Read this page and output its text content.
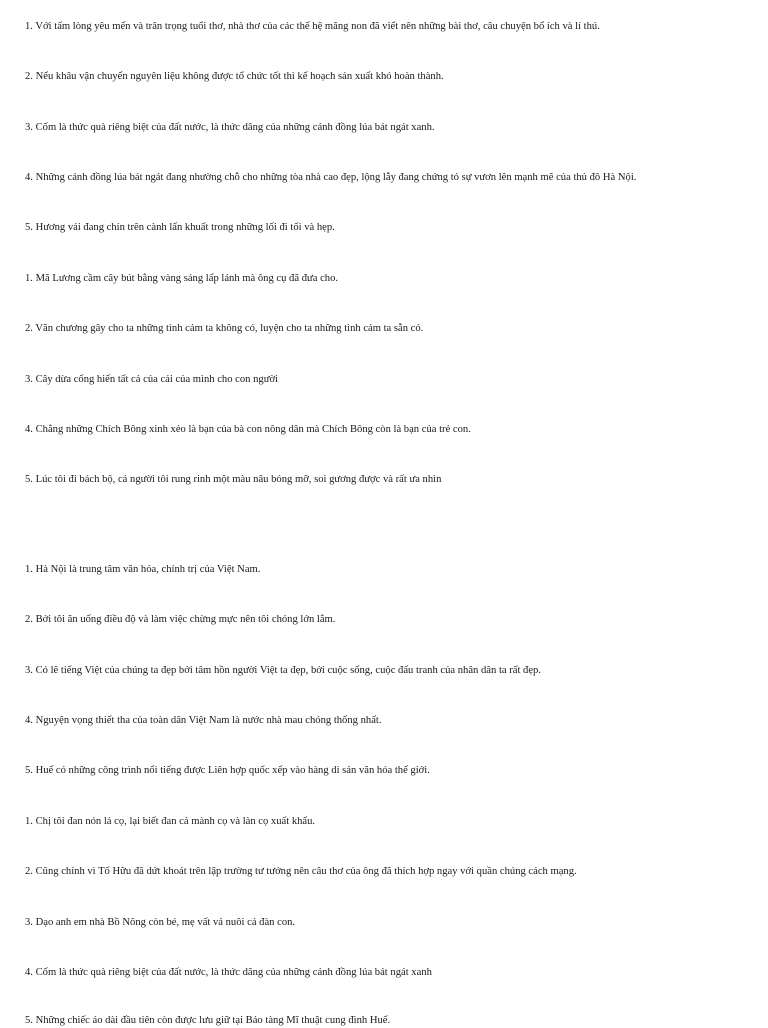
1. Với tấm lòng yêu mến và trân trọng tuổi thơ, nhà thơ của các thế hệ măng non đã viết nên những bài thơ, câu chuyện bổ ích và lí thú.
2. Nếu khâu vận chuyển nguyên liệu không được tổ chức tốt thì kế hoạch sản xuất khó hoàn thành.
3. Cốm là thức quà riêng biệt của đất nước, là thức dâng của những cánh đồng lúa bát ngát xanh.
4. Những cánh đồng lúa bát ngát đang nhường chỗ cho những tòa nhà cao đẹp, lộng lẫy đang chứng tỏ sự vươn lên mạnh mẽ của thủ đô Hà Nội.
5. Hương vải đang chín trên cành lẩn khuất trong những lối đi tối và hẹp.
1. Mã Lương cầm cây bút bằng vàng sáng lấp lánh mà ông cụ đã đưa cho.
2. Văn chương gây cho ta những tình cảm ta không có, luyện cho ta những tình cảm ta sẵn có.
3. Cây dừa cống hiến tất cả của cải của mình cho con người
4. Chẳng những Chích Bông xinh xẻo là bạn của bà con nông dân mà Chích Bông còn là bạn của trẻ con.
5. Lúc tôi đi bách bộ, cả người tôi rung rinh một màu nâu bóng mỡ, soi gương được và rất ưa nhìn
1. Hà Nội là trung tâm văn hóa, chính trị của Việt Nam.
2. Bởi tôi ăn uống điều độ và làm việc chừng mực nên tôi chóng lớn lắm.
3. Có lẽ tiếng Việt của chúng ta đẹp bởi tâm hồn người Việt ta đẹp, bởi cuộc sống, cuộc đấu tranh của nhân dân ta rất đẹp.
4. Nguyện vọng thiết tha của toàn dân Việt Nam là nước nhà mau chóng thống nhất.
5. Huế có những công trình nổi tiếng được Liên hợp quốc xếp vào hàng di sản văn hóa thế giới.
1. Chị tôi đan nón lá cọ, lại biết đan cả mành cọ và làn cọ xuất khẩu.
2. Cũng chính vì Tố Hữu đã dứt khoát trên lập trường tư tưởng nên câu thơ của ông đã thích hợp ngay với quần chúng cách mạng.
3. Dạo anh em nhà Bồ Nông còn bé, mẹ vất vả nuôi cả đàn con.
4. Cốm là thức quà riêng biệt của đất nước, là thức dâng của những cánh đồng lúa bát ngát xanh
5. Những chiếc áo dài đầu tiên còn được lưu giữ tại Bảo tàng Mĩ thuật cung đình Huế.
